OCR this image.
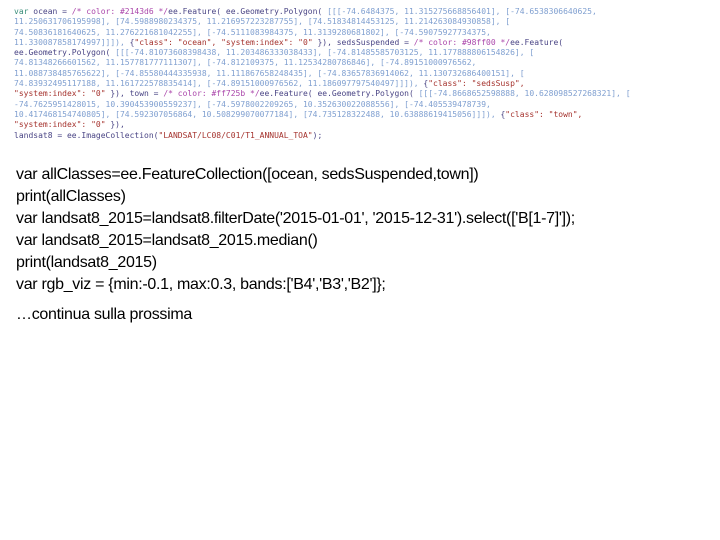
var ocean = /* color: #2143d6 */ee.Feature( ee.Geometry.Polygon( [[[-74.6484375, 11.315275668856401], [-74.6538306640625,
11.250631706195998], [74.5988980234375, 11.216957223287755], [74.51834814453125, 11.214263084930858], [
74.50836181640625, 11.276221681042255], [-74.5111083984375, 11.3139280681802], [-74.59075927734375,
11.330087858174997]]]), {"class": "ocean", "system:index": "0" }), sedsSuspended = /* color: #98ff00 */ee.Feature(
ee.Geometry.Polygon( [[[-74.81073608398438, 11.203486333038433], [-74.81485585703125, 11.177888806154826], [
74.81348266601562, 11.157781777111307], [-74.812109375, 11.12534280786846], [-74.89151000976562,
11.088738485765622], [-74.85580444335938, 11.111867658248435], [-74.83657836914062, 11.130732686400151], [
74.83932495117188, 11.161722578835414], [-74.89151000976562, 11.186097797540497]]]), {"class": "sedsSusp",
"system:index": "0" }), town = /* color: #ff725b */ee.Feature( ee.Geometry.Polygon( [[[-74.8668652598888, 10.628098527268321], [
-74.7625951428015, 10.390453900559237], [-74.5978002209265, 10.352630022088556], [-74.405539478739,
10.417468154740805], [74.592307056864, 10.508299070077184], [74.735128322488, 10.63888619415056]]]), {"class": "town",
"system:index": "0" }),
landsat8 = ee.ImageCollection("LANDSAT/LC08/C01/T1_ANNUAL_TOA");
var allClasses=ee.FeatureCollection([ocean, sedsSuspended,town])
print(allClasses)
var landsat8_2015=landsat8.filterDate('2015-01-01', '2015-12-31').select(['B[1-7]']);
var landsat8_2015=landsat8_2015.median()
print(landsat8_2015)
var rgb_viz = {min:-0.1, max:0.3, bands:['B4','B3','B2']};
…continua sulla prossima
